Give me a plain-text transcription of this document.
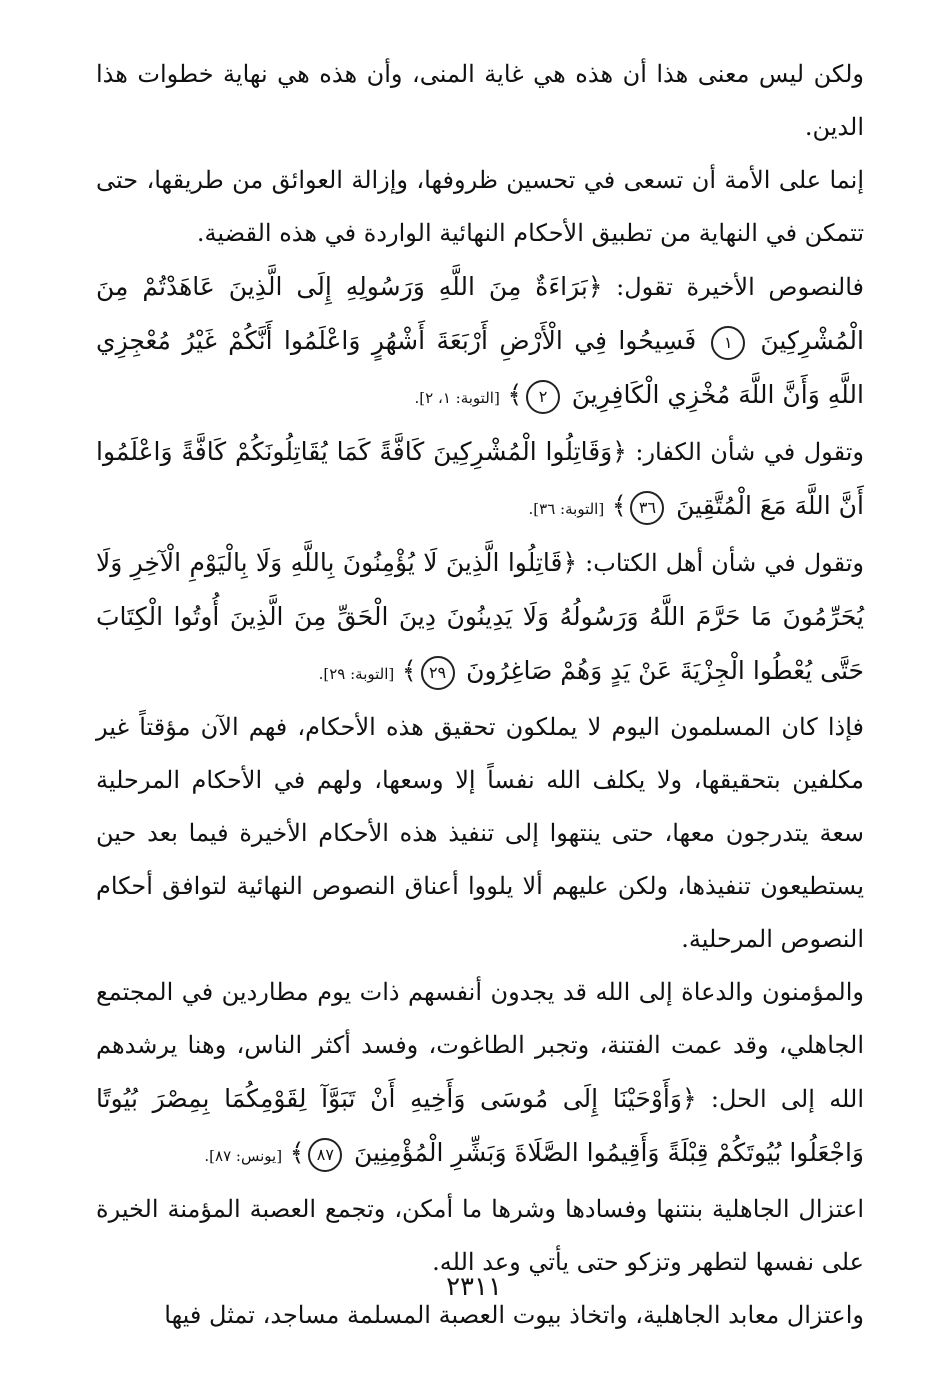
ولكن ليس معنى هذا أن هذه هي غاية المنى، وأن هذه هي نهاية خطوات هذا الدين.

إنما على الأمة أن تسعى في تحسين ظروفها، وإزالة العوائق من طريقها، حتى تتمكن في النهاية من تطبيق الأحكام النهائية الواردة في هذه القضية.

فالنصوص الأخيرة تقول: ﴿بَرَاءَةٌ مِنَ اللَّهِ وَرَسُولِهِ إِلَى الَّذِينَ عَاهَدْتُمْ مِنَ الْمُشْرِكِينَ ١ فَسِيحُوا فِي الْأَرْضِ أَرْبَعَةَ أَشْهُرٍ وَاعْلَمُوا أَنَّكُمْ غَيْرُ مُعْجِزِي اللَّهِ وَأَنَّ اللَّهَ مُخْزِي الْكَافِرِينَ ٢﴾ [التوبة: ١، ٢].

وتقول في شأن الكفار: ﴿وَقَاتِلُوا الْمُشْرِكِينَ كَافَّةً كَمَا يُقَاتِلُونَكُمْ كَافَّةً وَاعْلَمُوا أَنَّ اللَّهَ مَعَ الْمُتَّقِينَ ٣٦﴾ [التوبة: ٣٦].

وتقول في شأن أهل الكتاب: ﴿قَاتِلُوا الَّذِينَ لَا يُؤْمِنُونَ بِاللَّهِ وَلَا بِالْيَوْمِ الْآخِرِ وَلَا يُحَرِّمُونَ مَا حَرَّمَ اللَّهُ وَرَسُولُهُ وَلَا يَدِينُونَ دِينَ الْحَقِّ مِنَ الَّذِينَ أُوتُوا الْكِتَابَ حَتَّى يُعْطُوا الْجِزْيَةَ عَنْ يَدٍ وَهُمْ صَاغِرُونَ ٢٩﴾ [التوبة: ٢٩].

فإذا كان المسلمون اليوم لا يملكون تحقيق هذه الأحكام، فهم الآن مؤقتاً غير مكلفين بتحقيقها، ولا يكلف الله نفساً إلا وسعها، ولهم في الأحكام المرحلية سعة يتدرجون معها، حتى ينتهوا إلى تنفيذ هذه الأحكام الأخيرة فيما بعد حين يستطيعون تنفيذها، ولكن عليهم ألا يلووا أعناق النصوص النهائية لتوافق أحكام النصوص المرحلية.

والمؤمنون والدعاة إلى الله قد يجدون أنفسهم ذات يوم مطاردين في المجتمع الجاهلي، وقد عمت الفتنة، وتجبر الطاغوت، وفسد أكثر الناس، وهنا يرشدهم الله إلى الحل: ﴿وَأَوْحَيْنَا إِلَى مُوسَى وَأَخِيهِ أَنْ تَبَوَّآ لِقَوْمِكُمَا بِمِصْرَ بُيُوتًا وَاجْعَلُوا بُيُوتَكُمْ قِبْلَةً وَأَقِيمُوا الصَّلَاةَ وَبَشِّرِ الْمُؤْمِنِينَ ٨٧﴾ [يونس: ٨٧].

اعتزال الجاهلية بنتنها وفسادها وشرها ما أمكن، وتجمع العصبة المؤمنة الخيرة على نفسها لتطهر وتزكو حتى يأتي وعد الله.

واعتزال معابد الجاهلية، واتخاذ بيوت العصبة المسلمة مساجد، تمثل فيها

٢٣١١
